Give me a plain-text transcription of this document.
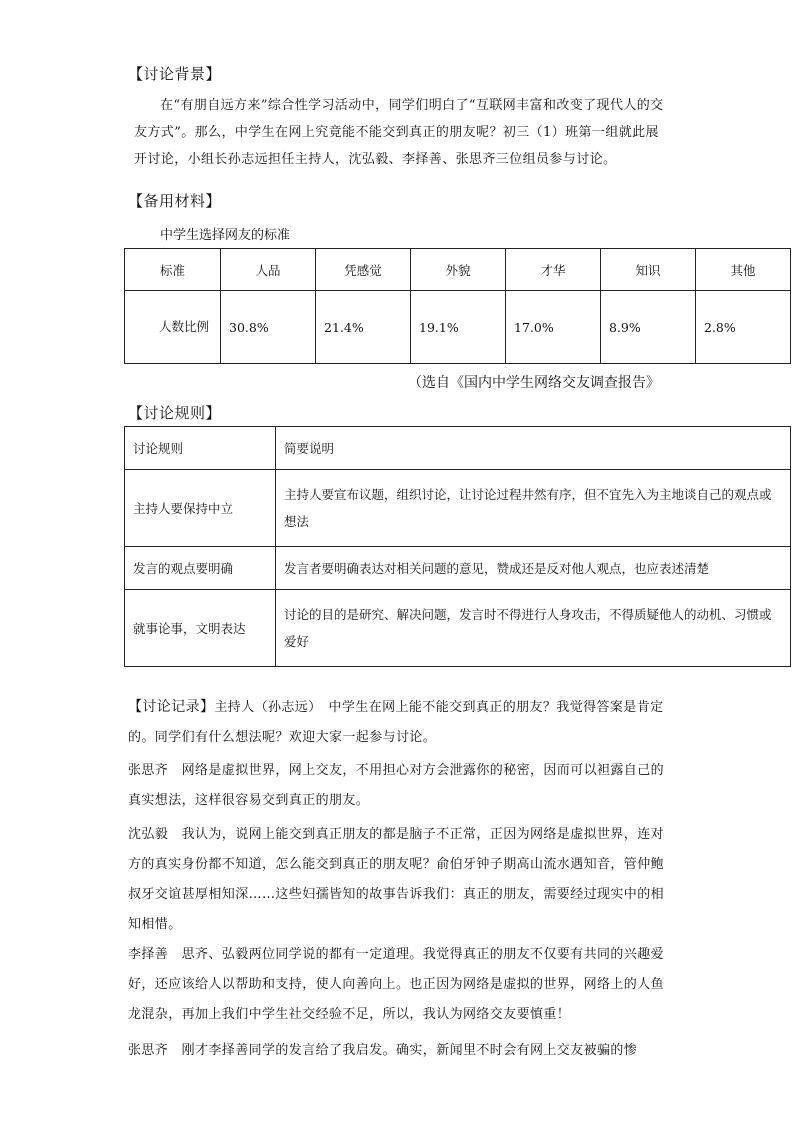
【讨论背景】
在“有朋自远方来”综合性学习活动中，同学们明白了“互联网丰富和改变了现代人的交友方式”。那么，中学生在网上究竟能不能交到真正的朋友呢？初三（1）班第一组就此展开讨论，小组长孙志远担任主持人，沈弘毅、李择善、张思齐三位组员参与讨论。
【备用材料】
中学生选择网友的标准
标准	人品	凭感觉	外貌	才华	知识	其他
人数比例	30.8%	21.4%	19.1%	17.0%	8.9%	2.8%
（选自《国内中学生网络交友调查报告》
【讨论规则】
讨论规则	简要说明
主持人要保持中立	主持人要宣布议题，组织讨论，让讨论过程井然有序，但不宜先入为主地谈自己的观点或想法
发言的观点要明确	发言者要明确表达对相关问题的意见，赞成还是反对他人观点，也应表述清楚
就事论事，文明表达	讨论的目的是研究、解决问题，发言时不得进行人身攻击，不得质疑他人的动机、习惯或爱好
【讨论记录】主持人（孙志远）　中学生在网上能不能交到真正的朋友？我觉得答案是肯定的。同学们有什么想法呢？欢迎大家一起参与讨论。
张思齐　网络是虚拟世界，网上交友，不用担心对方会泄露你的秘密，因而可以袒露自己的真实想法，这样很容易交到真正的朋友。
沈弘毅　我认为，说网上能交到真正朋友的都是脑子不正常，正因为网络是虚拟世界，连对方的真实身份都不知道，怎么能交到真正的朋友呢？俞伯牙钟子期高山流水遇知音，管仲鲍叔牙交谊甚厚相知深……这些妇孺皆知的故事告诉我们：真正的朋友，需要经过现实中的相知相惜。
李择善　思齐、弘毅两位同学说的都有一定道理。我觉得真正的朋友不仅要有共同的兴趣爱好，还应该给人以帮助和支持，使人向善向上。也正因为网络是虚拟的世界，网络上的人鱼龙混杂，再加上我们中学生社交经验不足，所以，我认为网络交友要慎重！
张思齐　刚才李择善同学的发言给了我启发。确实，新闻里不时会有网上交友被骗的惨
